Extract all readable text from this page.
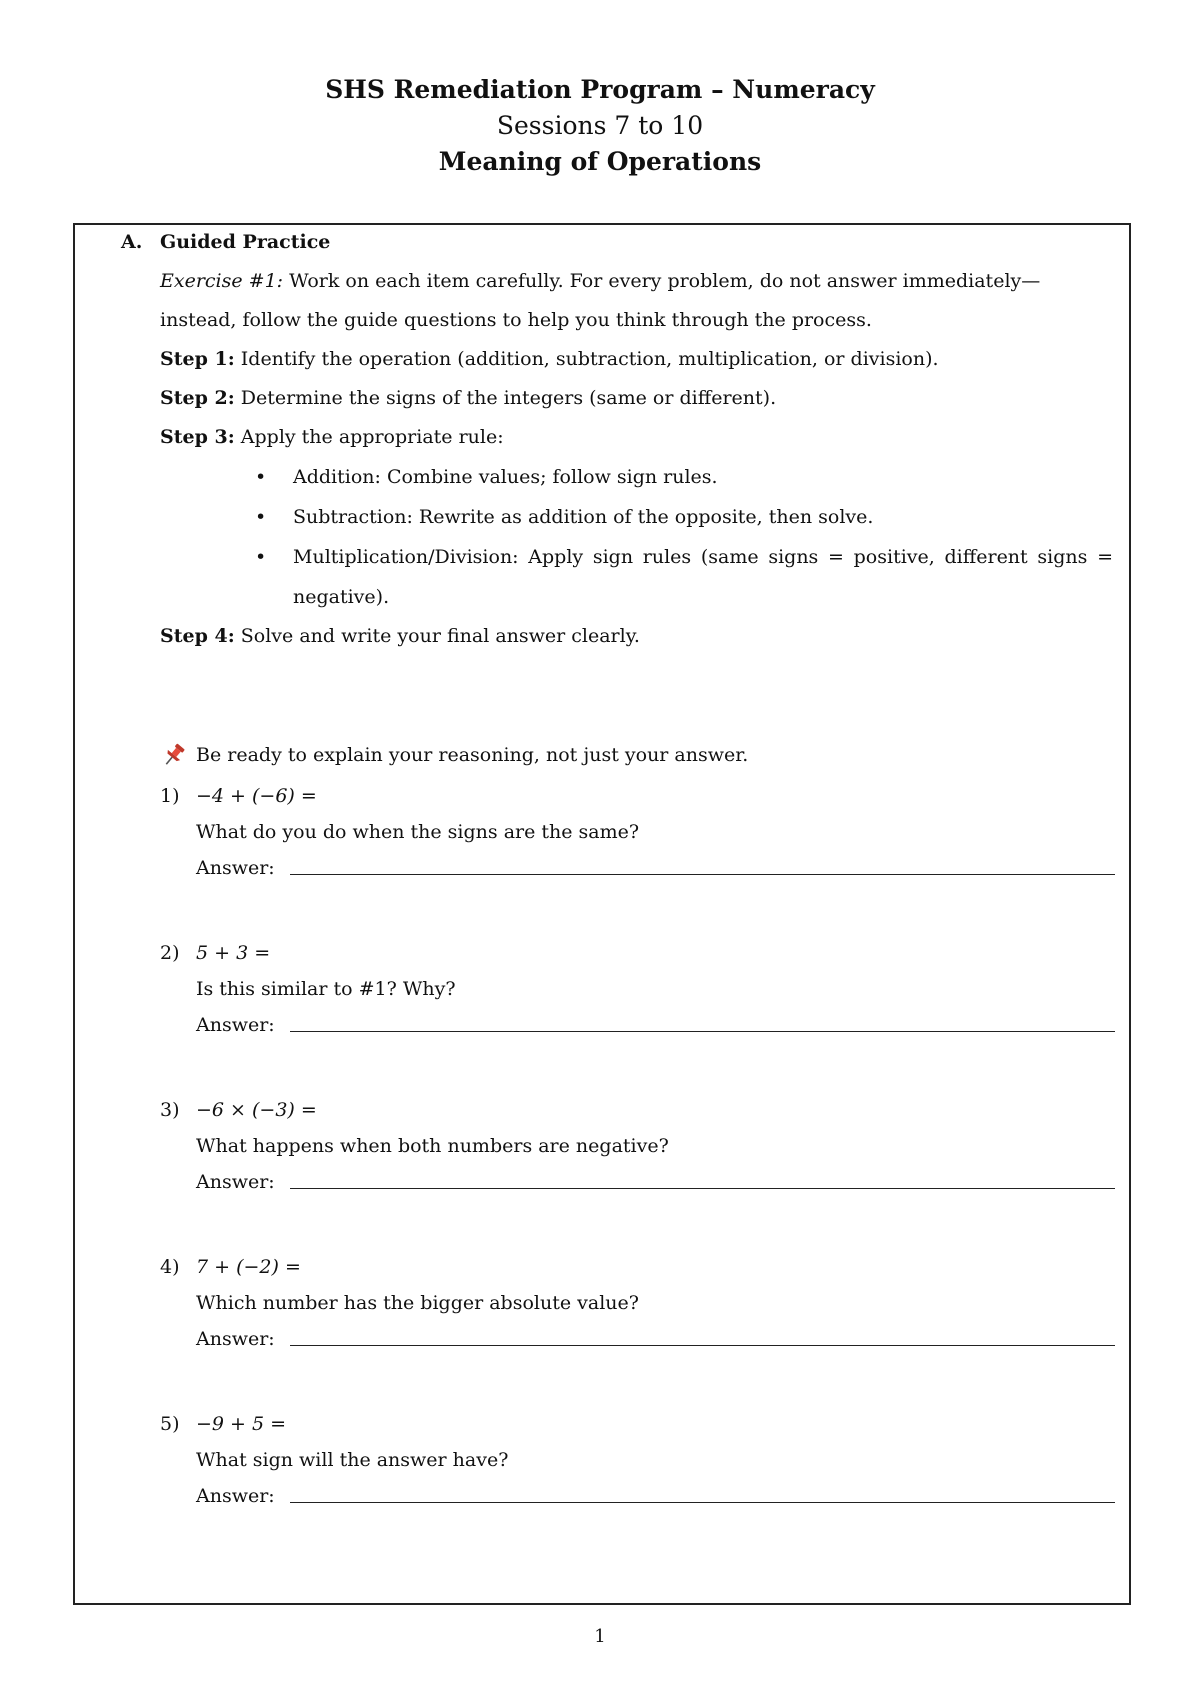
SHS Remediation Program – Numeracy
Sessions 7 to 10
Meaning of Operations
A. Guided Practice
Exercise #1: Work on each item carefully. For every problem, do not answer immediately—
instead, follow the guide questions to help you think through the process.
Step 1: Identify the operation (addition, subtraction, multiplication, or division).
Step 2: Determine the signs of the integers (same or different).
Step 3: Apply the appropriate rule:
• Addition: Combine values; follow sign rules.
• Subtraction: Rewrite as addition of the opposite, then solve.
• Multiplication/Division: Apply sign rules (same signs = positive, different signs = negative).
Step 4: Solve and write your final answer clearly.
Be ready to explain your reasoning, not just your answer.
1) −4 + (−6) =
What do you do when the signs are the same?
Answer:
2) 5 + 3 =
Is this similar to #1? Why?
Answer:
3) −6 × (−3) =
What happens when both numbers are negative?
Answer:
4) 7 + (−2) =
Which number has the bigger absolute value?
Answer:
5) −9 + 5 =
What sign will the answer have?
Answer:
1
